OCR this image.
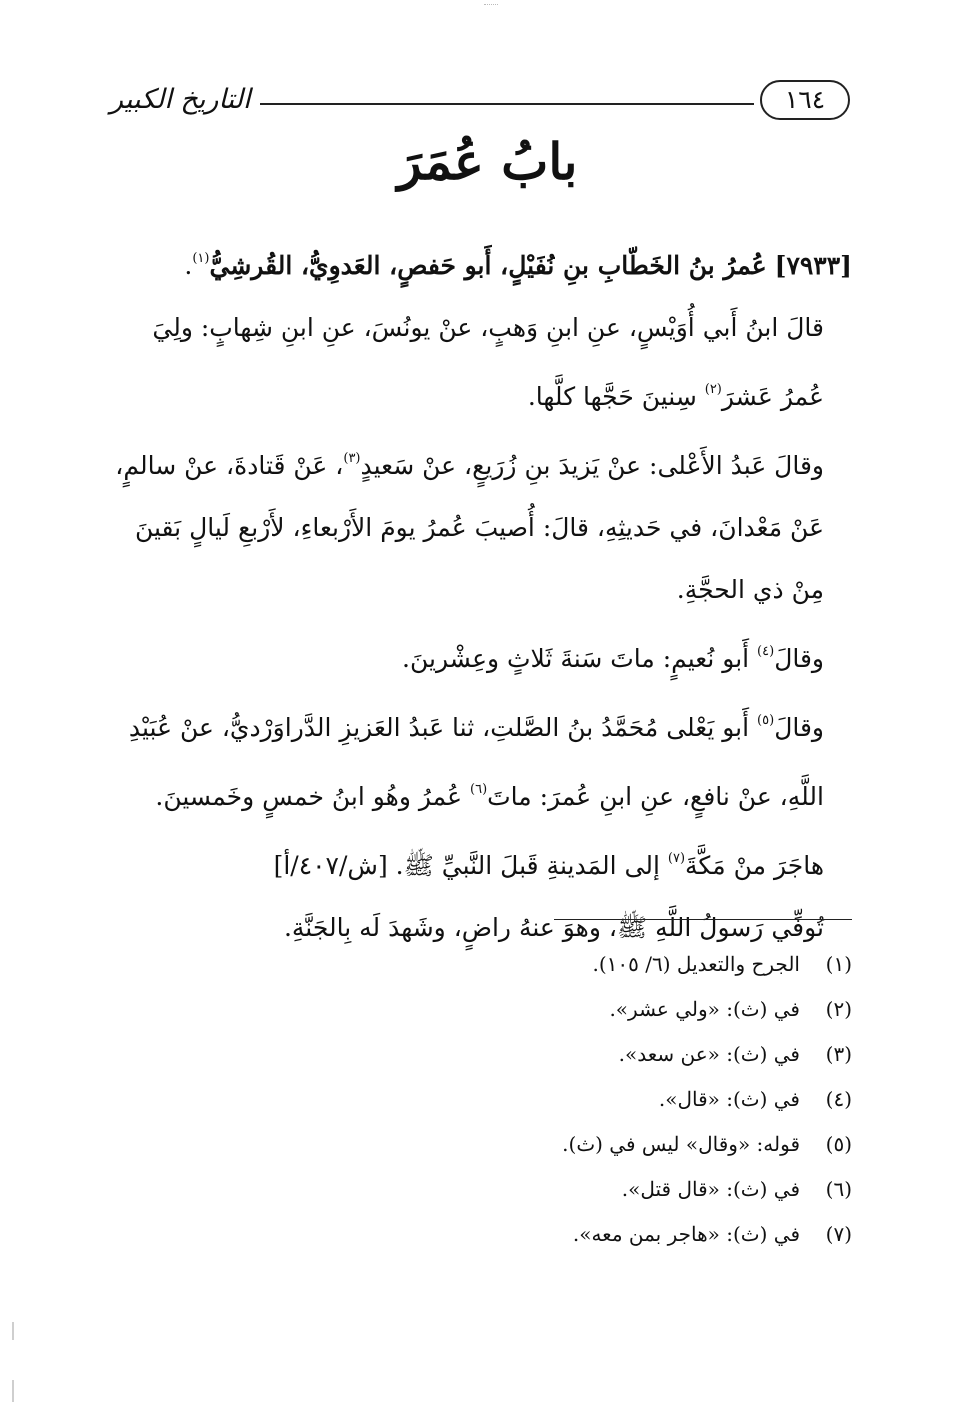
التاريخ الكبير	١٦٤
بابُ عُمَرَ

[٧٩٣٣] عُمرُ بنُ الخَطّابِ بنِ نُفَيْلٍ، أَبو حَفصٍ، العَدوِيُّ، القُرشِيُّ$^{(١)}$.

قالَ ابنُ أَبي أُوَيْسٍ، عنِ ابنِ وَهبٍ، عنْ يونُسَ، عنِ ابنِ شِهابٍ: ولِيَ عُمرُ عَشرَ$^{(٢)}$ سِنينَ حَجَّها كلَّها.

وقالَ عَبدُ الأَعْلى: عنْ يَزيدَ بنِ زُرَيعٍ، عنْ سَعيدٍ$^{(٣)}$، عَنْ قَتادةَ، عنْ سالمٍ، عَنْ مَعْدانَ، في حَديثِهِ، قالَ: أُصيبَ عُمرُ يومَ الأَرْبعاءِ، لأَرْبعِ لَيالٍ بَقينَ مِنْ ذي الحجَّةِ.

وقالَ$^{(٤)}$ أَبو نُعيمٍ: ماتَ سَنةَ ثَلاثٍ وعِشْرينَ.

وقالَ$^{(٥)}$ أَبو يَعْلى مُحَمَّدُ بنُ الصَّلتِ، ثنا عَبدُ العَزيزِ الدَّراوَرْديُّ، عنْ عُبَيْدِ اللَّهِ، عنْ نافعٍ، عنِ ابنِ عُمرَ: ماتَ$^{(٦)}$ عُمرُ وهُو ابنُ خمسٍ وخَمسينَ.

هاجَرَ منْ مَكَّةَ$^{(٧)}$ إلى المَدينةِ قَبلَ النَّبيِّ ﷺ. [ش/٤٠٧/أ]

تُوفِّي رَسولُ اللَّهِ ﷺ، وهوَ عنهُ راضٍ، وشَهدَ لَه بِالجَنَّةِ.

(١)الجرح والتعديل (٦/ ١٠٥).
(٢)في (ث): «ولي عشر».
(٣)في (ث): «عن سعد».
(٤)في (ث): «قال».
(٥)قوله: «وقال» ليس في (ث).
(٦)في (ث): «قال قتل».
(٧)في (ث): «هاجر بمن معه».
